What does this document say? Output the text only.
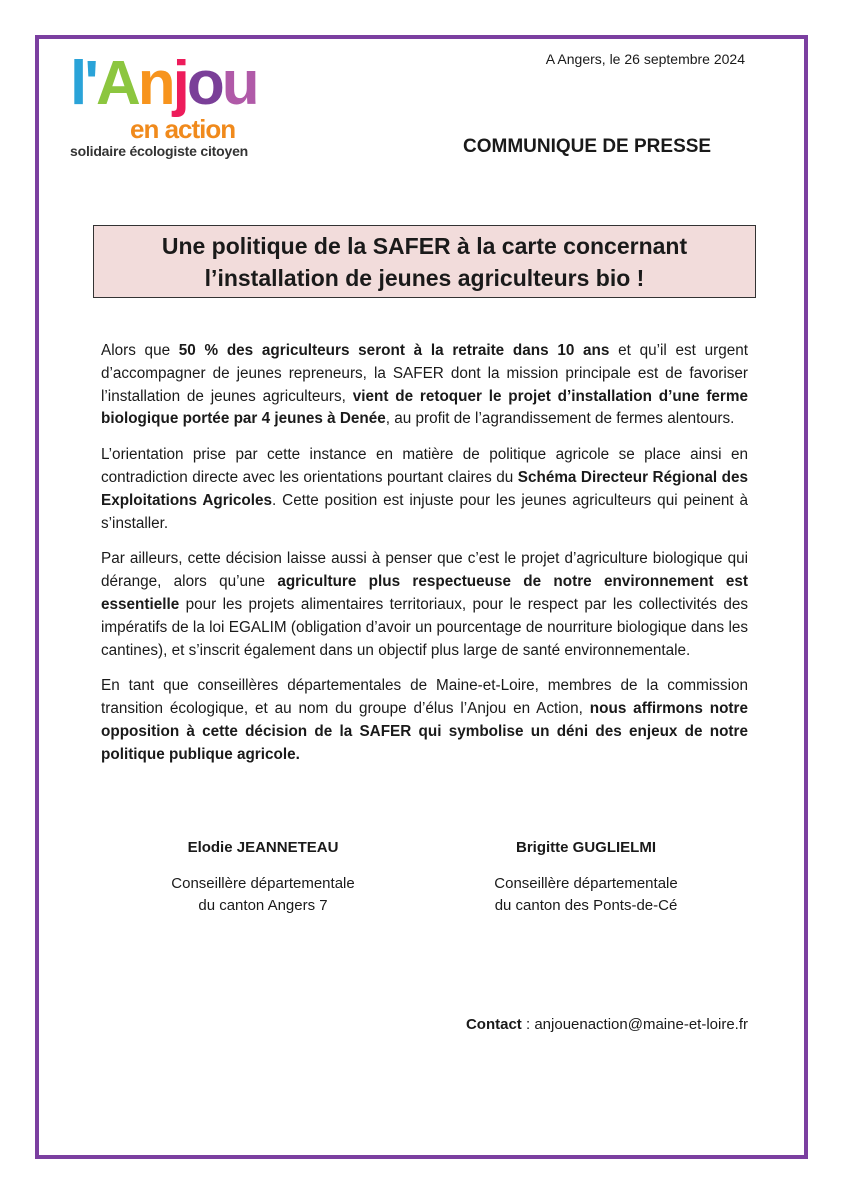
l'Anjou
en action
solidaire écologiste citoyen
A Angers, le 26 septembre 2024
COMMUNIQUE DE PRESSE
Une politique de la SAFER à la carte concernant
l’installation de jeunes agriculteurs bio !

Alors que 50 % des agriculteurs seront à la retraite dans 10 ans et qu’il est urgent d’accompagner de jeunes repreneurs, la SAFER dont la mission principale est de favoriser l’installation de jeunes agriculteurs, vient de retoquer le projet d’installation d’une ferme biologique portée par 4 jeunes à Denée, au profit de l’agrandissement de fermes alentours.

L’orientation prise par cette instance en matière de politique agricole se place ainsi en contradiction directe avec les orientations pourtant claires du Schéma Directeur Régional des Exploitations Agricoles. Cette position est injuste pour les jeunes agriculteurs qui peinent à s’installer.

Par ailleurs, cette décision laisse aussi à penser que c’est le projet d’agriculture biologique qui dérange, alors qu’une agriculture plus respectueuse de notre environnement est essentielle pour les projets alimentaires territoriaux, pour le respect par les collectivités des impératifs de la loi EGALIM (obligation d’avoir un pourcentage de nourriture biologique dans les cantines), et s’inscrit également dans un objectif plus large de santé environnementale.

En tant que conseillères départementales de Maine-et-Loire, membres de la commission transition écologique, et au nom du groupe d’élus l’Anjou en Action, nous affirmons notre opposition à cette décision de la SAFER qui symbolise un déni des enjeux de notre politique publique agricole.

Elodie JEANNETEAU
Conseillère départementale
du canton Angers 7
Brigitte GUGLIELMI
Conseillère départementale
du canton des Ponts-de-Cé
Contact : anjouenaction@maine-et-loire.fr
